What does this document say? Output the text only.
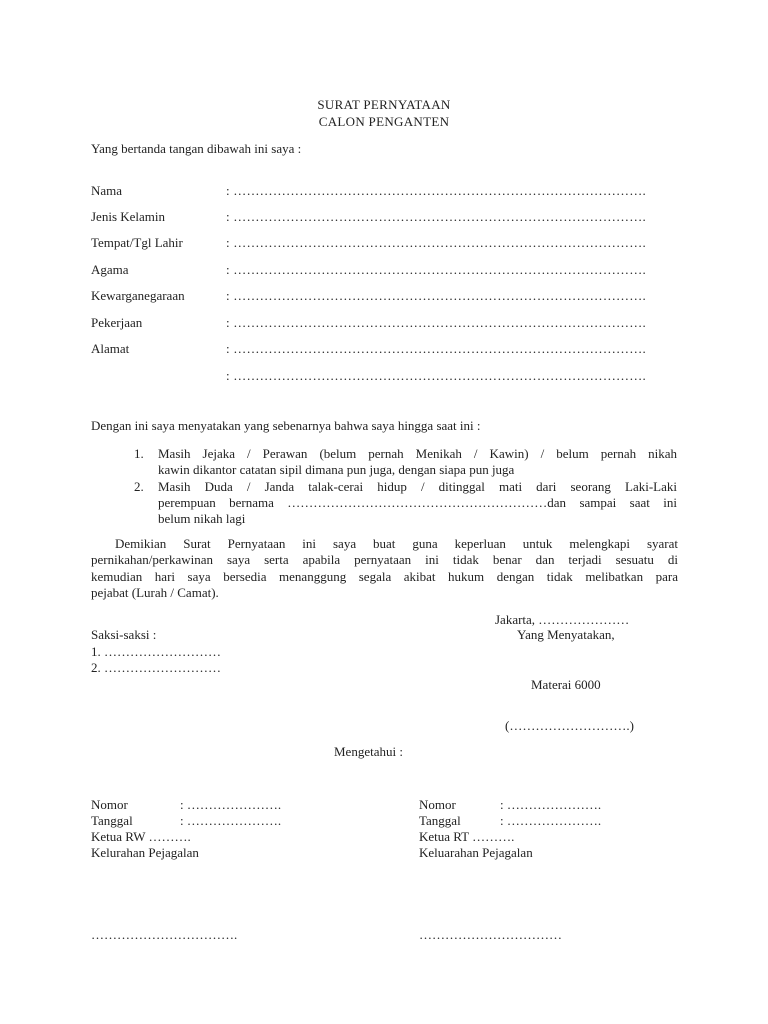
SURAT PERNYATAAN
CALON PENGANTEN
Yang bertanda tangan dibawah ini saya :
Nama	: ………………………………………………………………………………….
Jenis Kelamin	: ………………………………………………………………………………….
Tempat/Tgl Lahir	: ………………………………………………………………………………….
Agama	: ………………………………………………………………………………….
Kewarganegaraan	: ………………………………………………………………………………….
Pekerjaan	: ………………………………………………………………………………….
Alamat	: ………………………………………………………………………………….
: ………………………………………………………………………………….
Dengan ini saya menyatakan yang sebenarnya bahwa saya hingga saat ini :
1. Masih Jejaka / Perawan (belum pernah Menikah / Kawin) / belum pernah nikah
kawin dikantor catatan sipil dimana pun juga, dengan siapa pun juga
2. Masih Duda / Janda talak-cerai hidup / ditinggal mati dari seorang Laki-Laki
perempuan bernama ……………………………………………………dan sampai saat ini
belum nikah lagi
Demikian Surat Pernyataan ini saya buat guna keperluan untuk melengkapi syarat
pernikahan/perkawinan saya serta apabila pernyataan ini tidak benar dan terjadi sesuatu di
kemudian hari saya bersedia menanggung segala akibat hukum dengan tidak melibatkan para
pejabat (Lurah / Camat).
Jakarta, …………………
Saksi-saksi :	Yang Menyatakan,
1. ………………………
2. ………………………
Materai 6000
(……………………….)
Mengetahui :
Nomor	: ………………….
Tanggal	: ………………….
Ketua RW ……….
Kelurahan Pejagalan
…………………………….
Nomor	: ………………….
Tanggal	: ………………….
Ketua RT ……….
Keluarahan Pejagalan
……………………………
